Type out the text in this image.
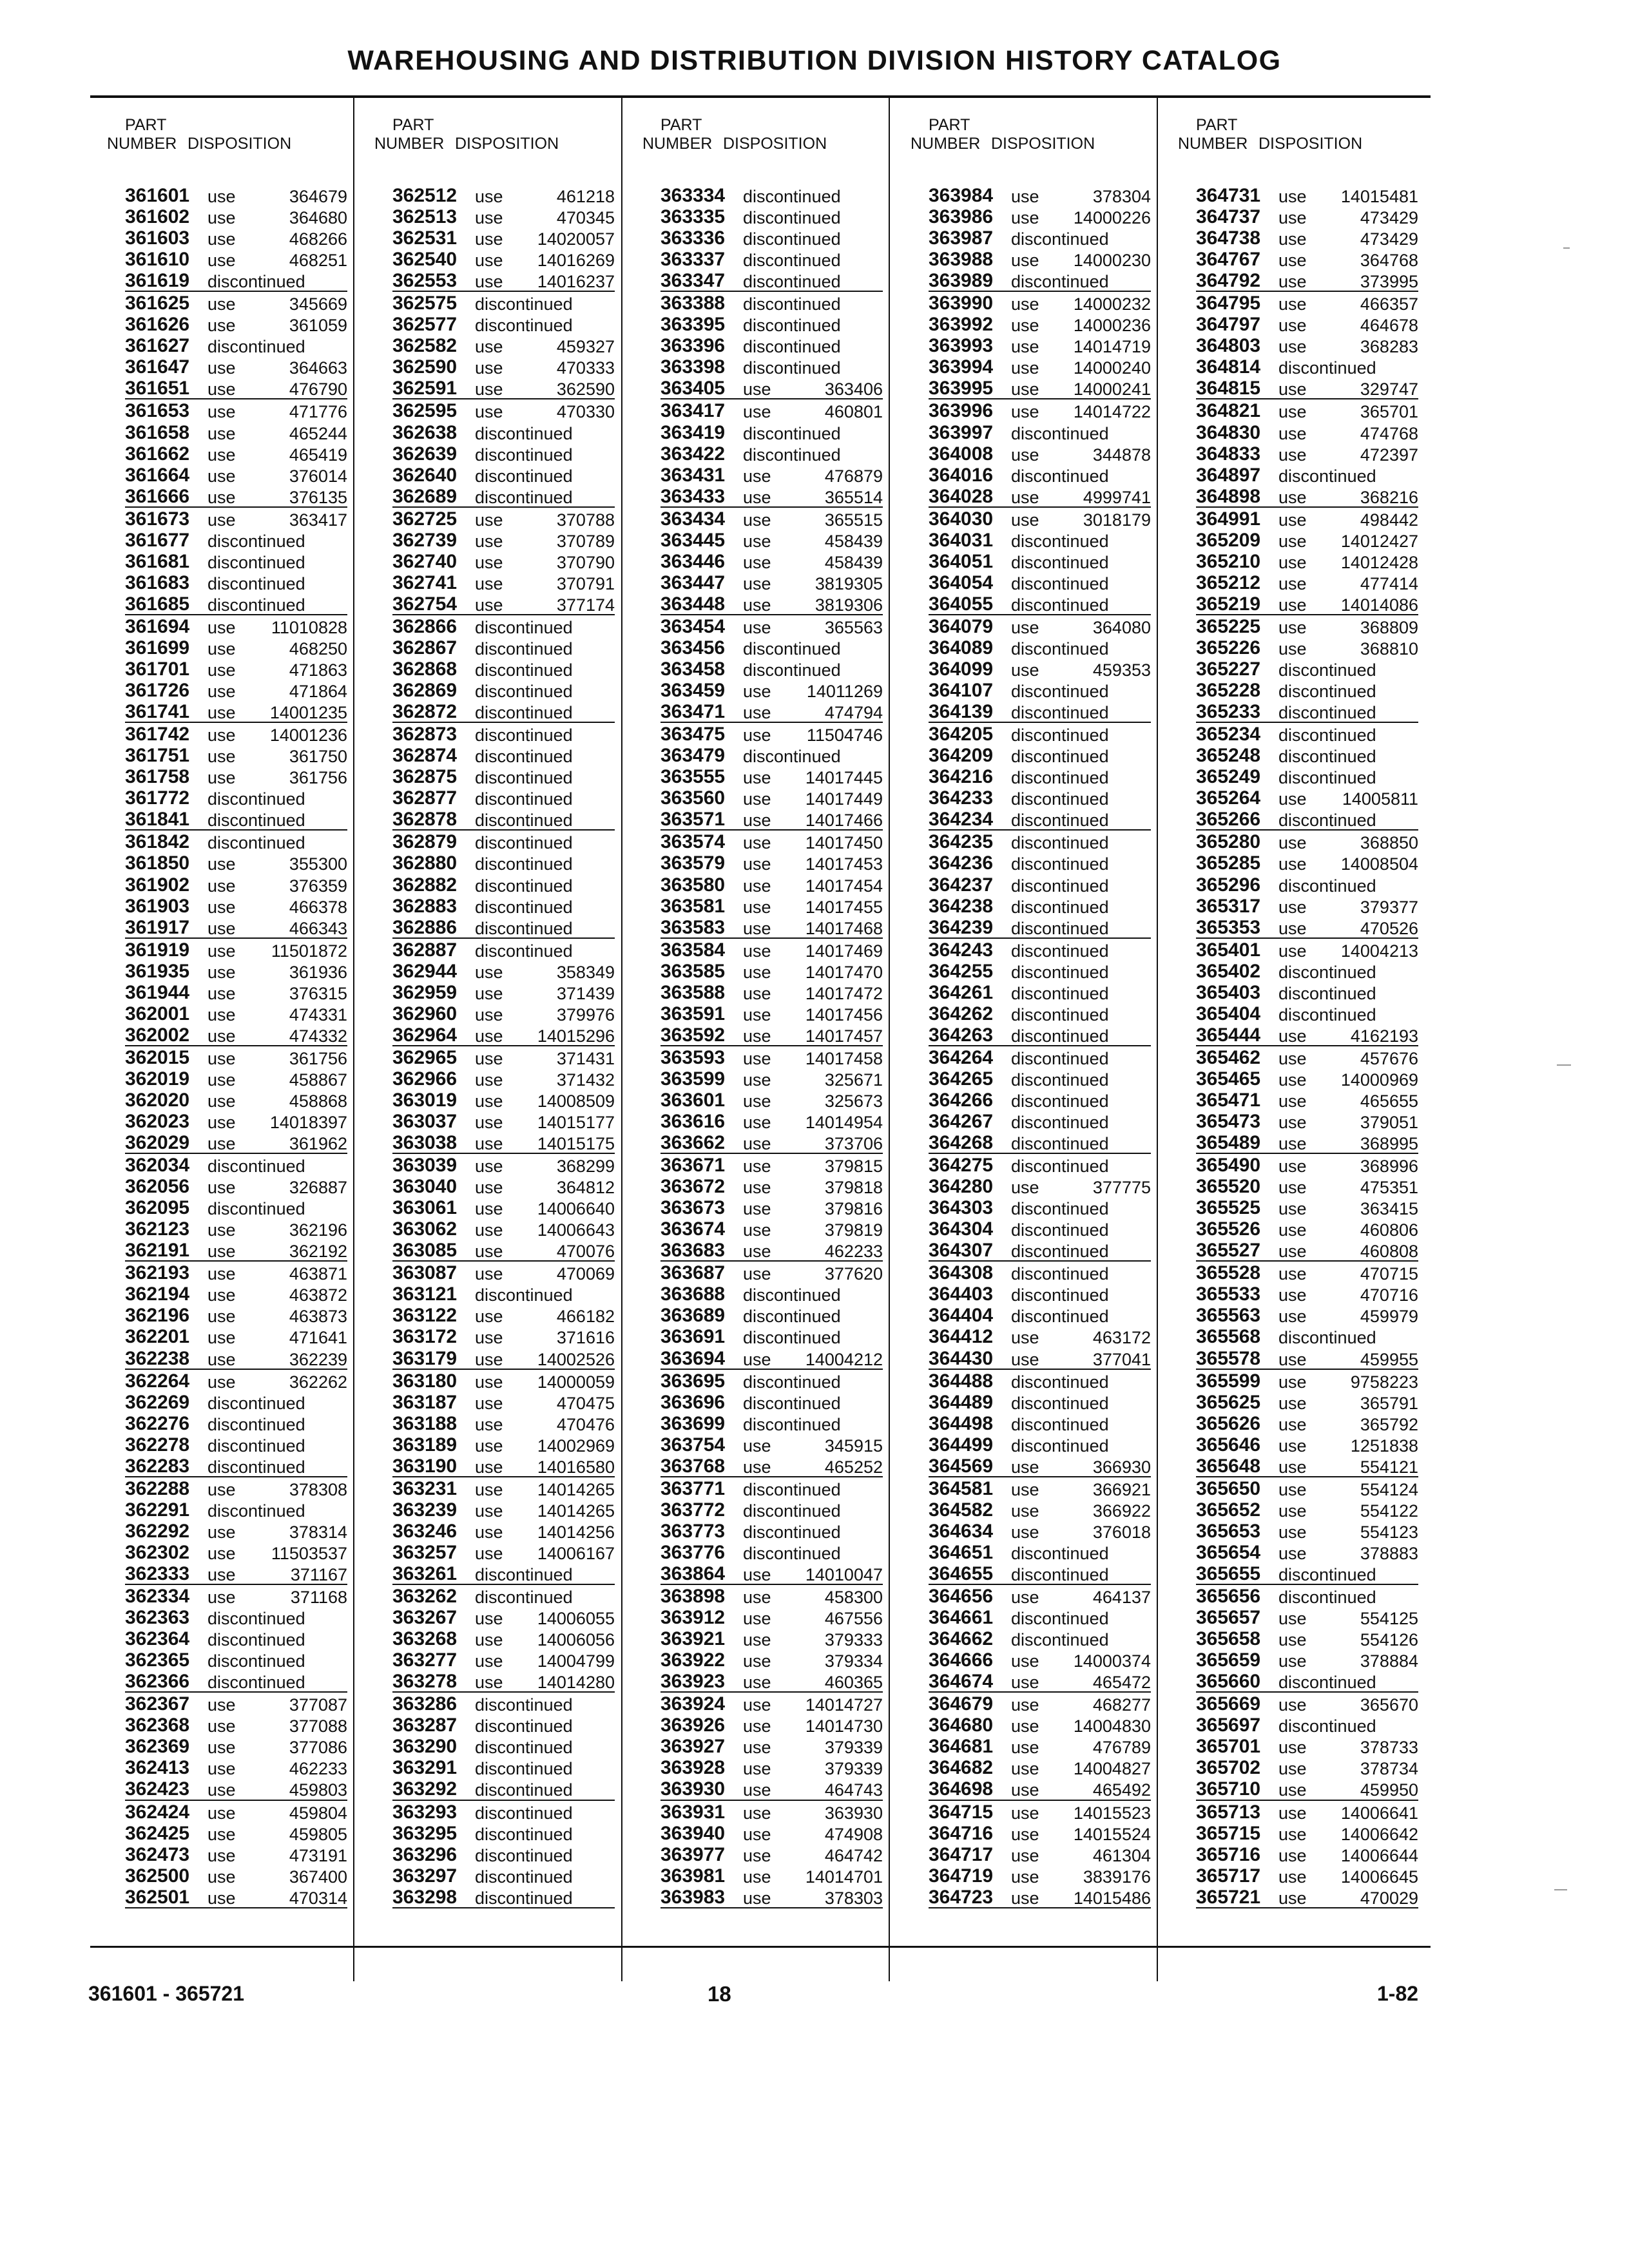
WAREHOUSING AND DISTRIBUTION DIVISION HISTORY CATALOG
PART
NUMBER DISPOSITION
361601 use	364679
361602 use	364680
361603 use	468266
361610 use	468251
361619 discontinued
361625 use	345669
361626 use	361059
361627 discontinued
361647 use	364663
361651 use	476790
361653 use	471776
361658 use	465244
361662 use	465419
361664 use	376014
361666 use	376135
361673 use	363417
361677 discontinued
361681 discontinued
361683 discontinued
361685 discontinued
361694 use 11010828
361699 use	468250
361701 use	471863
361726 use	471864
361741 use 14001235
361742 use 14001236
361751 use	361750
361758 use	361756
361772 discontinued
361841 discontinued
361842 discontinued
361850 use	355300
361902 use	376359
361903 use	466378
361917 use	466343
361919 use 11501872
361935 use	361936
361944 use	376315
362001 use	474331
362002 use	474332
362015 use	361756
362019 use	458867
362020 use	458868
362023 use 14018397
362029 use	361962
362034 discontinued
362056 use	326887
362095 discontinued
362123 use	362196
362191 use	362192
362193 use	463871
362194 use	463872
362196 use	463873
362201 use	471641
362238 use	362239
362264 use	362262
362269 discontinued
362276 discontinued
362278 discontinued
362283 discontinued
362288 use	378308
362291 discontinued
362292 use	378314
362302 use 11503537
362333 use	371167
362334 use	371168
362363 discontinued
362364 discontinued
362365 discontinued
362366 discontinued
362367 use	377087
362368 use	377088
362369 use	377086
362413 use	462233
362423 use	459803
362424 use	459804
362425 use	459805
362473 use	473191
362500 use	367400
362501 use	470314
PART
NUMBER DISPOSITION
362512 use	461218
362513 use	470345
362531 use 14020057
362540 use 14016269
362553 use 14016237
362575 discontinued
362577 discontinued
362582 use	459327
362590 use	470333
362591 use	362590
362595 use	470330
362638 discontinued
362639 discontinued
362640 discontinued
362689 discontinued
362725 use	370788
362739 use	370789
362740 use	370790
362741 use	370791
362754 use	377174
362866 discontinued
362867 discontinued
362868 discontinued
362869 discontinued
362872 discontinued
362873 discontinued
362874 discontinued
362875 discontinued
362877 discontinued
362878 discontinued
362879 discontinued
362880 discontinued
362882 discontinued
362883 discontinued
362886 discontinued
362887 discontinued
362944 use	358349
362959 use	371439
362960 use	379976
362964 use 14015296
362965 use	371431
362966 use	371432
363019 use 14008509
363037 use 14015177
363038 use 14015175
363039 use	368299
363040 use	364812
363061 use 14006640
363062 use 14006643
363085 use	470076
363087 use	470069
363121 discontinued
363122 use	466182
363172 use	371616
363179 use 14002526
363180 use 14000059
363187 use	470475
363188 use	470476
363189 use 14002969
363190 use 14016580
363231 use 14014265
363239 use 14014265
363246 use 14014256
363257 use 14006167
363261 discontinued
363262 discontinued
363267 use 14006055
363268 use 14006056
363277 use 14004799
363278 use 14014280
363286 discontinued
363287 discontinued
363290 discontinued
363291 discontinued
363292 discontinued
363293 discontinued
363295 discontinued
363296 discontinued
363297 discontinued
363298 discontinued
PART
NUMBER DISPOSITION
363334 discontinued
363335 discontinued
363336 discontinued
363337 discontinued
363347 discontinued
363388 discontinued
363395 discontinued
363396 discontinued
363398 discontinued
363405 use	363406
363417 use	460801
363419 discontinued
363422 discontinued
363431 use	476879
363433 use	365514
363434 use	365515
363445 use	458439
363446 use	458439
363447 use	3819305
363448 use	3819306
363454 use	365563
363456 discontinued
363458 discontinued
363459 use 14011269
363471 use	474794
363475 use 11504746
363479 discontinued
363555 use 14017445
363560 use 14017449
363571 use 14017466
363574 use 14017450
363579 use 14017453
363580 use 14017454
363581 use 14017455
363583 use 14017468
363584 use 14017469
363585 use 14017470
363588 use 14017472
363591 use 14017456
363592 use 14017457
363593 use 14017458
363599 use	325671
363601 use	325673
363616 use 14014954
363662 use	373706
363671 use	379815
363672 use	379818
363673 use	379816
363674 use	379819
363683 use	462233
363687 use	377620
363688 discontinued
363689 discontinued
363691 discontinued
363694 use 14004212
363695 discontinued
363696 discontinued
363699 discontinued
363754 use	345915
363768 use	465252
363771 discontinued
363772 discontinued
363773 discontinued
363776 discontinued
363864 use 14010047
363898 use	458300
363912 use	467556
363921 use	379333
363922 use	379334
363923 use	460365
363924 use 14014727
363926 use 14014730
363927 use	379339
363928 use	379339
363930 use	464743
363931 use	363930
363940 use	474908
363977 use	464742
363981 use 14014701
363983 use	378303
PART
NUMBER DISPOSITION
363984 use	378304
363986 use 14000226
363987 discontinued
363988 use 14000230
363989 discontinued
363990 use 14000232
363992 use 14000236
363993 use 14014719
363994 use 14000240
363995 use 14000241
363996 use 14014722
363997 discontinued
364008 use	344878
364016 discontinued
364028 use	4999741
364030 use	3018179
364031 discontinued
364051 discontinued
364054 discontinued
364055 discontinued
364079 use	364080
364089 discontinued
364099 use	459353
364107 discontinued
364139 discontinued
364205 discontinued
364209 discontinued
364216 discontinued
364233 discontinued
364234 discontinued
364235 discontinued
364236 discontinued
364237 discontinued
364238 discontinued
364239 discontinued
364243 discontinued
364255 discontinued
364261 discontinued
364262 discontinued
364263 discontinued
364264 discontinued
364265 discontinued
364266 discontinued
364267 discontinued
364268 discontinued
364275 discontinued
364280 use	377775
364303 discontinued
364304 discontinued
364307 discontinued
364308 discontinued
364403 discontinued
364404 discontinued
364412 use	463172
364430 use	377041
364488 discontinued
364489 discontinued
364498 discontinued
364499 discontinued
364569 use	366930
364581 use	366921
364582 use	366922
364634 use	376018
364651 discontinued
364655 discontinued
364656 use	464137
364661 discontinued
364662 discontinued
364666 use 14000374
364674 use	465472
364679 use	468277
364680 use 14004830
364681 use	476789
364682 use 14004827
364698 use	465492
364715 use 14015523
364716 use 14015524
364717 use	461304
364719 use	3839176
364723 use 14015486
PART
NUMBER DISPOSITION
364731 use 14015481
364737 use	473429
364738 use	473429
364767 use	364768
364792 use	373995
364795 use	466357
364797 use	464678
364803 use	368283
364814 discontinued
364815 use	329747
364821 use	365701
364830 use	474768
364833 use	472397
364897 discontinued
364898 use	368216
364991 use	498442
365209 use 14012427
365210 use 14012428
365212 use	477414
365219 use 14014086
365225 use	368809
365226 use	368810
365227 discontinued
365228 discontinued
365233 discontinued
365234 discontinued
365248 discontinued
365249 discontinued
365264 use 14005811
365266 discontinued
365280 use	368850
365285 use 14008504
365296 discontinued
365317 use	379377
365353 use	470526
365401 use 14004213
365402 discontinued
365403 discontinued
365404 discontinued
365444 use	4162193
365462 use	457676
365465 use 14000969
365471 use	465655
365473 use	379051
365489 use	368995
365490 use	368996
365520 use	475351
365525 use	363415
365526 use	460806
365527 use	460808
365528 use	470715
365533 use	470716
365563 use	459979
365568 discontinued
365578 use	459955
365599 use	9758223
365625 use	365791
365626 use	365792
365646 use	1251838
365648 use	554121
365650 use	554124
365652 use	554122
365653 use	554123
365654 use	378883
365655 discontinued
365656 discontinued
365657 use	554125
365658 use	554126
365659 use	378884
365660 discontinued
365669 use	365670
365697 discontinued
365701 use	378733
365702 use	378734
365710 use	459950
365713 use 14006641
365715 use 14006642
365716 use 14006644
365717 use 14006645
365721 use	470029
361601 - 365721	18	1-82
